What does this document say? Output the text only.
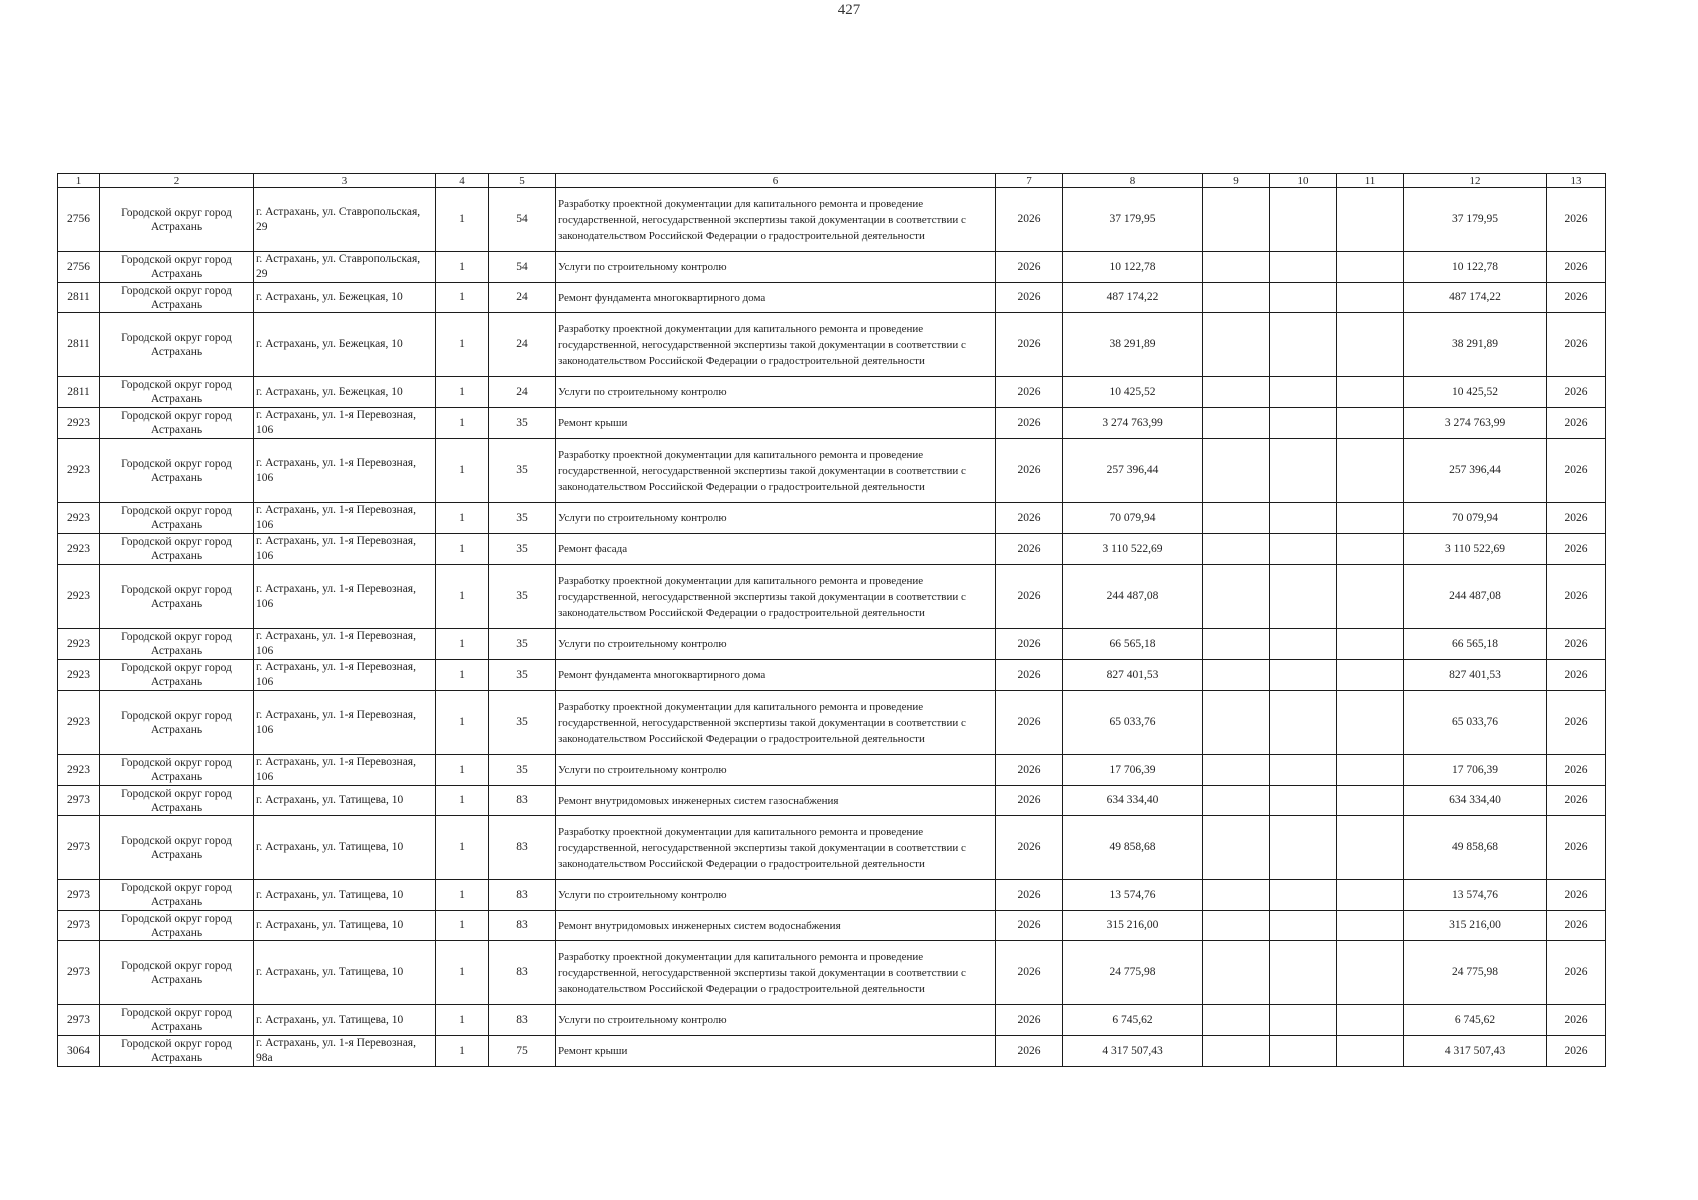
427
1	2	3	4	5	6	7	8	9	10	11	12	13
2756	Городской округ город Астрахань	г. Астрахань, ул. Ставропольская, 29	1	54	Разработку проектной документации для капитального ремонта и проведение государственной, негосударственной экспертизы такой документации в соответствии с законодательством Российской Федерации о градостроительной деятельности	2026	37 179,95				37 179,95	2026
2756	Городской округ город Астрахань	г. Астрахань, ул. Ставропольская, 29	1	54	Услуги по строительному контролю	2026	10 122,78				10 122,78	2026
2811	Городской округ город Астрахань	г. Астрахань, ул. Бежецкая, 10	1	24	Ремонт фундамента многоквартирного дома	2026	487 174,22				487 174,22	2026
2811	Городской округ город Астрахань	г. Астрахань, ул. Бежецкая, 10	1	24	Разработку проектной документации для капитального ремонта и проведение государственной, негосударственной экспертизы такой документации в соответствии с законодательством Российской Федерации о градостроительной деятельности	2026	38 291,89				38 291,89	2026
2811	Городской округ город Астрахань	г. Астрахань, ул. Бежецкая, 10	1	24	Услуги по строительному контролю	2026	10 425,52				10 425,52	2026
2923	Городской округ город Астрахань	г. Астрахань, ул. 1-я Перевозная, 106	1	35	Ремонт крыши	2026	3 274 763,99				3 274 763,99	2026
2923	Городской округ город Астрахань	г. Астрахань, ул. 1-я Перевозная, 106	1	35	Разработку проектной документации для капитального ремонта и проведение государственной, негосударственной экспертизы такой документации в соответствии с законодательством Российской Федерации о градостроительной деятельности	2026	257 396,44				257 396,44	2026
2923	Городской округ город Астрахань	г. Астрахань, ул. 1-я Перевозная, 106	1	35	Услуги по строительному контролю	2026	70 079,94				70 079,94	2026
2923	Городской округ город Астрахань	г. Астрахань, ул. 1-я Перевозная, 106	1	35	Ремонт фасада	2026	3 110 522,69				3 110 522,69	2026
2923	Городской округ город Астрахань	г. Астрахань, ул. 1-я Перевозная, 106	1	35	Разработку проектной документации для капитального ремонта и проведение государственной, негосударственной экспертизы такой документации в соответствии с законодательством Российской Федерации о градостроительной деятельности	2026	244 487,08				244 487,08	2026
2923	Городской округ город Астрахань	г. Астрахань, ул. 1-я Перевозная, 106	1	35	Услуги по строительному контролю	2026	66 565,18				66 565,18	2026
2923	Городской округ город Астрахань	г. Астрахань, ул. 1-я Перевозная, 106	1	35	Ремонт фундамента многоквартирного дома	2026	827 401,53				827 401,53	2026
2923	Городской округ город Астрахань	г. Астрахань, ул. 1-я Перевозная, 106	1	35	Разработку проектной документации для капитального ремонта и проведение государственной, негосударственной экспертизы такой документации в соответствии с законодательством Российской Федерации о градостроительной деятельности	2026	65 033,76				65 033,76	2026
2923	Городской округ город Астрахань	г. Астрахань, ул. 1-я Перевозная, 106	1	35	Услуги по строительному контролю	2026	17 706,39				17 706,39	2026
2973	Городской округ город Астрахань	г. Астрахань, ул. Татищева, 10	1	83	Ремонт внутридомовых инженерных систем газоснабжения	2026	634 334,40				634 334,40	2026
2973	Городской округ город Астрахань	г. Астрахань, ул. Татищева, 10	1	83	Разработку проектной документации для капитального ремонта и проведение государственной, негосударственной экспертизы такой документации в соответствии с законодательством Российской Федерации о градостроительной деятельности	2026	49 858,68				49 858,68	2026
2973	Городской округ город Астрахань	г. Астрахань, ул. Татищева, 10	1	83	Услуги по строительному контролю	2026	13 574,76				13 574,76	2026
2973	Городской округ город Астрахань	г. Астрахань, ул. Татищева, 10	1	83	Ремонт внутридомовых инженерных систем водоснабжения	2026	315 216,00				315 216,00	2026
2973	Городской округ город Астрахань	г. Астрахань, ул. Татищева, 10	1	83	Разработку проектной документации для капитального ремонта и проведение государственной, негосударственной экспертизы такой документации в соответствии с законодательством Российской Федерации о градостроительной деятельности	2026	24 775,98				24 775,98	2026
2973	Городской округ город Астрахань	г. Астрахань, ул. Татищева, 10	1	83	Услуги по строительному контролю	2026	6 745,62				6 745,62	2026
3064	Городской округ город Астрахань	г. Астрахань, ул. 1-я Перевозная, 98а	1	75	Ремонт крыши	2026	4 317 507,43				4 317 507,43	2026
